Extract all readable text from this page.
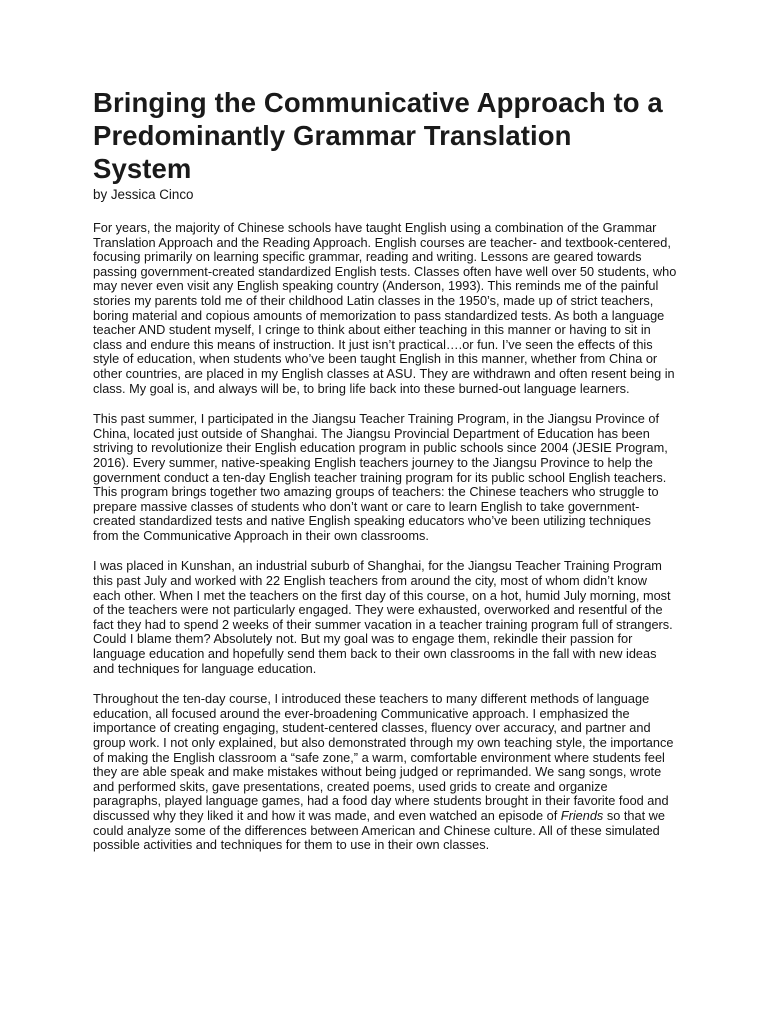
Bringing the Communicative Approach to a Predominantly Grammar Translation System

by Jessica Cinco

For years, the majority of Chinese schools have taught English using a combination of the Grammar Translation Approach and the Reading Approach. English courses are teacher- and textbook-centered, focusing primarily on learning specific grammar, reading and writing. Lessons are geared towards passing government-created standardized English tests. Classes often have well over 50 students, who may never even visit any English speaking country (Anderson, 1993). This reminds me of the painful stories my parents told me of their childhood Latin classes in the 1950’s, made up of strict teachers, boring material and copious amounts of memorization to pass standardized tests. As both a language teacher AND student myself, I cringe to think about either teaching in this manner or having to sit in class and endure this means of instruction. It just isn’t practical….or fun. I’ve seen the effects of this style of education, when students who’ve been taught English in this manner, whether from China or other countries, are placed in my English classes at ASU. They are withdrawn and often resent being in class. My goal is, and always will be, to bring life back into these burned-out language learners.

This past summer, I participated in the Jiangsu Teacher Training Program, in the Jiangsu Province of China, located just outside of Shanghai. The Jiangsu Provincial Department of Education has been striving to revolutionize their English education program in public schools since 2004 (JESIE Program, 2016). Every summer, native-speaking English teachers journey to the Jiangsu Province to help the government conduct a ten-day English teacher training program for its public school English teachers. This program brings together two amazing groups of teachers: the Chinese teachers who struggle to prepare massive classes of students who don’t want or care to learn English to take government-created standardized tests and native English speaking educators who’ve been utilizing techniques from the Communicative Approach in their own classrooms.

I was placed in Kunshan, an industrial suburb of Shanghai, for the Jiangsu Teacher Training Program this past July and worked with 22 English teachers from around the city, most of whom didn’t know each other. When I met the teachers on the first day of this course, on a hot, humid July morning, most of the teachers were not particularly engaged. They were exhausted, overworked and resentful of the fact they had to spend 2 weeks of their summer vacation in a teacher training program full of strangers. Could I blame them? Absolutely not. But my goal was to engage them, rekindle their passion for language education and hopefully send them back to their own classrooms in the fall with new ideas and techniques for language education.

Throughout the ten-day course, I introduced these teachers to many different methods of language education, all focused around the ever-broadening Communicative approach. I emphasized the importance of creating engaging, student-centered classes, fluency over accuracy, and partner and group work. I not only explained, but also demonstrated through my own teaching style, the importance of making the English classroom a “safe zone,” a warm, comfortable environment where students feel they are able speak and make mistakes without being judged or reprimanded. We sang songs, wrote and performed skits, gave presentations, created poems, used grids to create and organize paragraphs, played language games, had a food day where students brought in their favorite food and discussed why they liked it and how it was made, and even watched an episode of Friends so that we could analyze some of the differences between American and Chinese culture. All of these simulated possible activities and techniques for them to use in their own classes.
